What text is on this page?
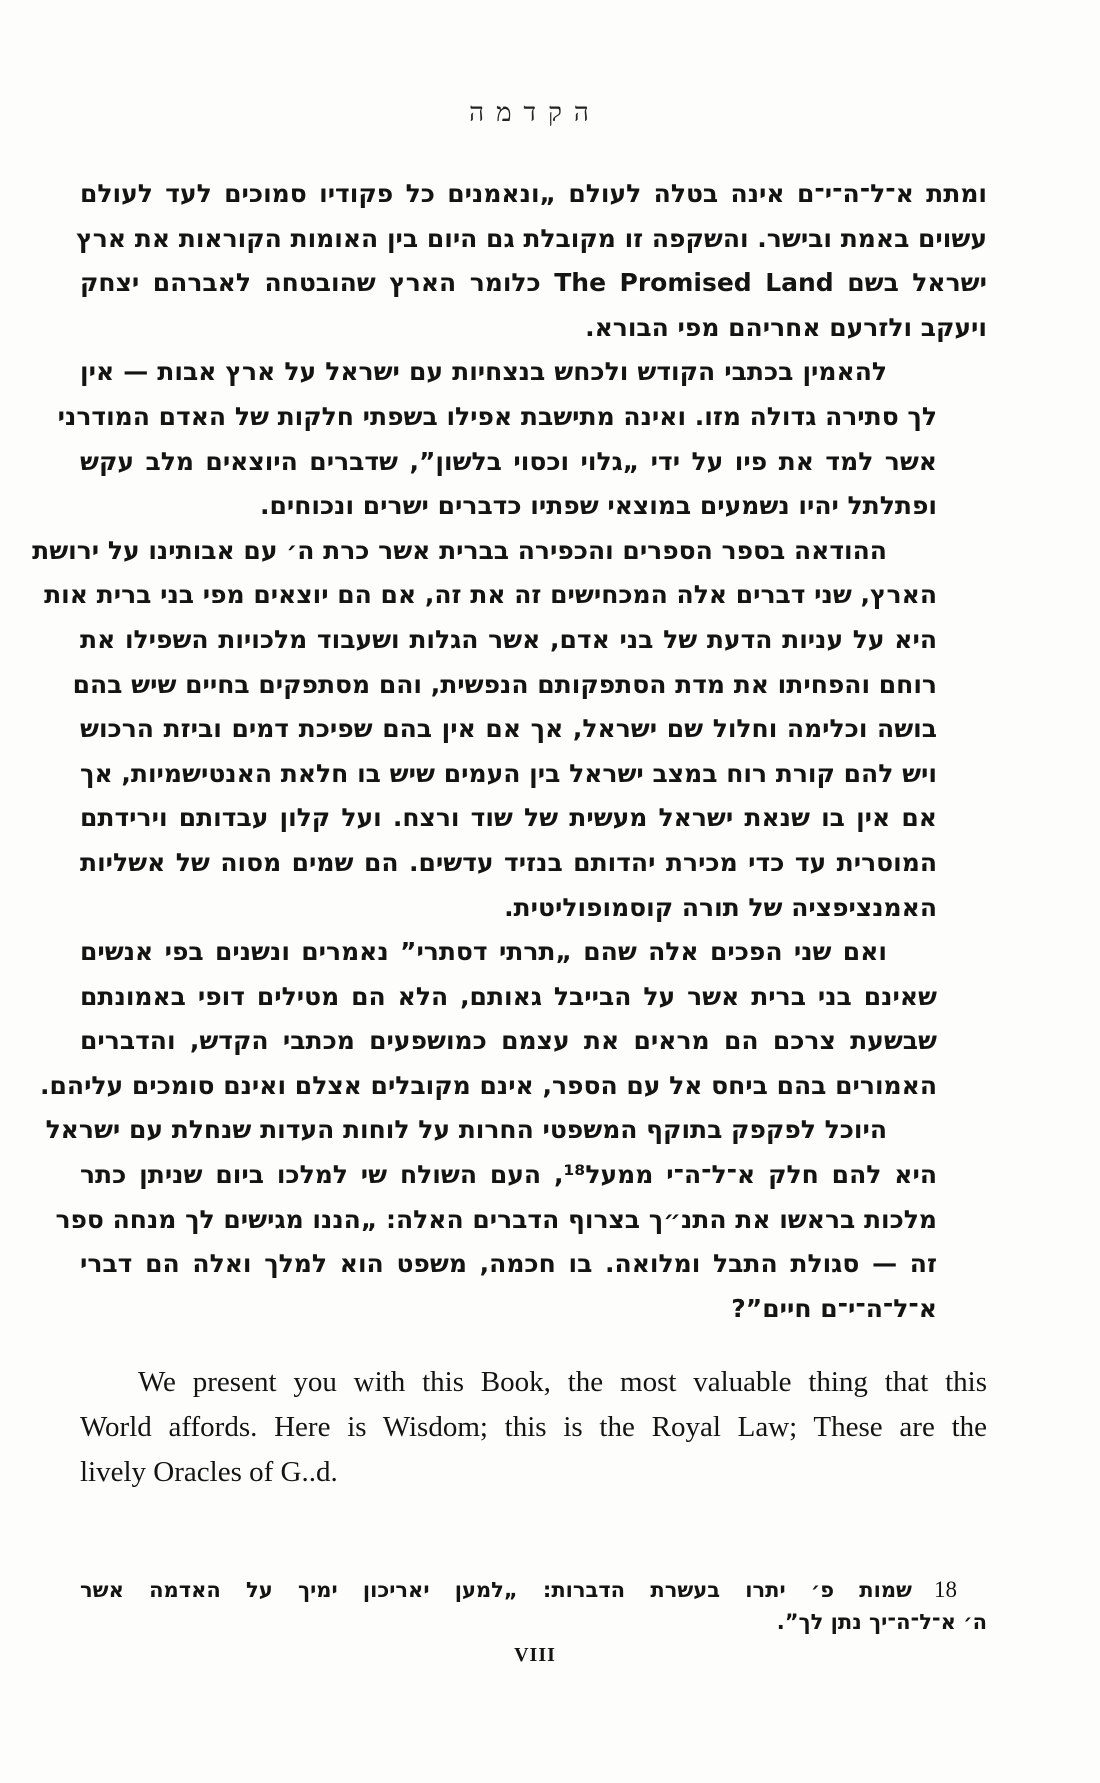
הקדמה

ומתת א־ל־ה־י־ם אינה בטלה לעולם „ונאמנים כל פקודיו סמוכים לעד לעולם
עשוים באמת ובישר. והשקפה זו מקובלת גם היום בין האומות הקוראות את ארץ
ישראל בשם The Promised Land כלומר הארץ שהובטחה לאברהם יצחק
ויעקב ולזרעם אחריהם מפי הבורא.

להאמין בכתבי הקודש ולכחש בנצחיות עם ישראל על ארץ אבות — אין
לך סתירה גדולה מזו. ואינה מתישבת אפילו בשפתי חלקות של האדם המודרני
אשר למד את פיו על ידי „גלוי וכסוי בלשון”, שדברים היוצאים מלב עקש
ופתלתל יהיו נשמעים במוצאי שפתיו כדברים ישרים ונכוחים.

ההודאה בספר הספרים והכפירה בברית אשר כרת ה׳ עם אבותינו על ירושת
הארץ, שני דברים אלה המכחישים זה את זה, אם הם יוצאים מפי בני ברית אות
היא על עניות הדעת של בני אדם, אשר הגלות ושעבוד מלכויות השפילו את
רוחם והפחיתו את מדת הסתפקותם הנפשית, והם מסתפקים בחיים שיש בהם
בושה וכלימה וחלול שם ישראל, אך אם אין בהם שפיכת דמים וביזת הרכוש
ויש להם קורת רוח במצב ישראל בין העמים שיש בו חלאת האנטישמיות, אך
אם אין בו שנאת ישראל מעשית של שוד ורצח. ועל קלון עבדותם וירידתם
המוסרית עד כדי מכירת יהדותם בנזיד עדשים. הם שמים מסוה של אשליות
האמנציפציה של תורה קוסמופוליטית.

ואם שני הפכים אלה שהם „תרתי דסתרי” נאמרים ונשנים בפי אנשים
שאינם בני ברית אשר על הבייבל גאותם, הלא הם מטילים דופי באמונתם
שבשעת צרכם הם מראים את עצמם כמושפעים מכתבי הקדש, והדברים
האמורים בהם ביחס אל עם הספר, אינם מקובלים אצלם ואינם סומכים עליהם.

היוכל לפקפק בתוקף המשפטי החרות על לוחות העדות שנחלת עם ישראל
היא להם חלק א־ל־ה־י ממעל¹⁸, העם השולח שי למלכו ביום שניתן כתר
מלכות בראשו את התנ״ך בצרוף הדברים האלה: „הננו מגישים לך מנחה ספר
זה — סגולת התבל ומלואה. בו חכמה, משפט הוא למלך ואלה הם דברי
א־ל־ה־י־ם חיים”?

We present you with this Book, the most valuable thing that this
World affords. Here is Wisdom; this is the Royal Law; These are the
lively Oracles of G..d.
18שמות פ׳ יתרו בעשרת הדברות: „למען יאריכון ימיך על האדמה אשר
ה׳ א־ל־ה־יך נתן לך”.
VIII
